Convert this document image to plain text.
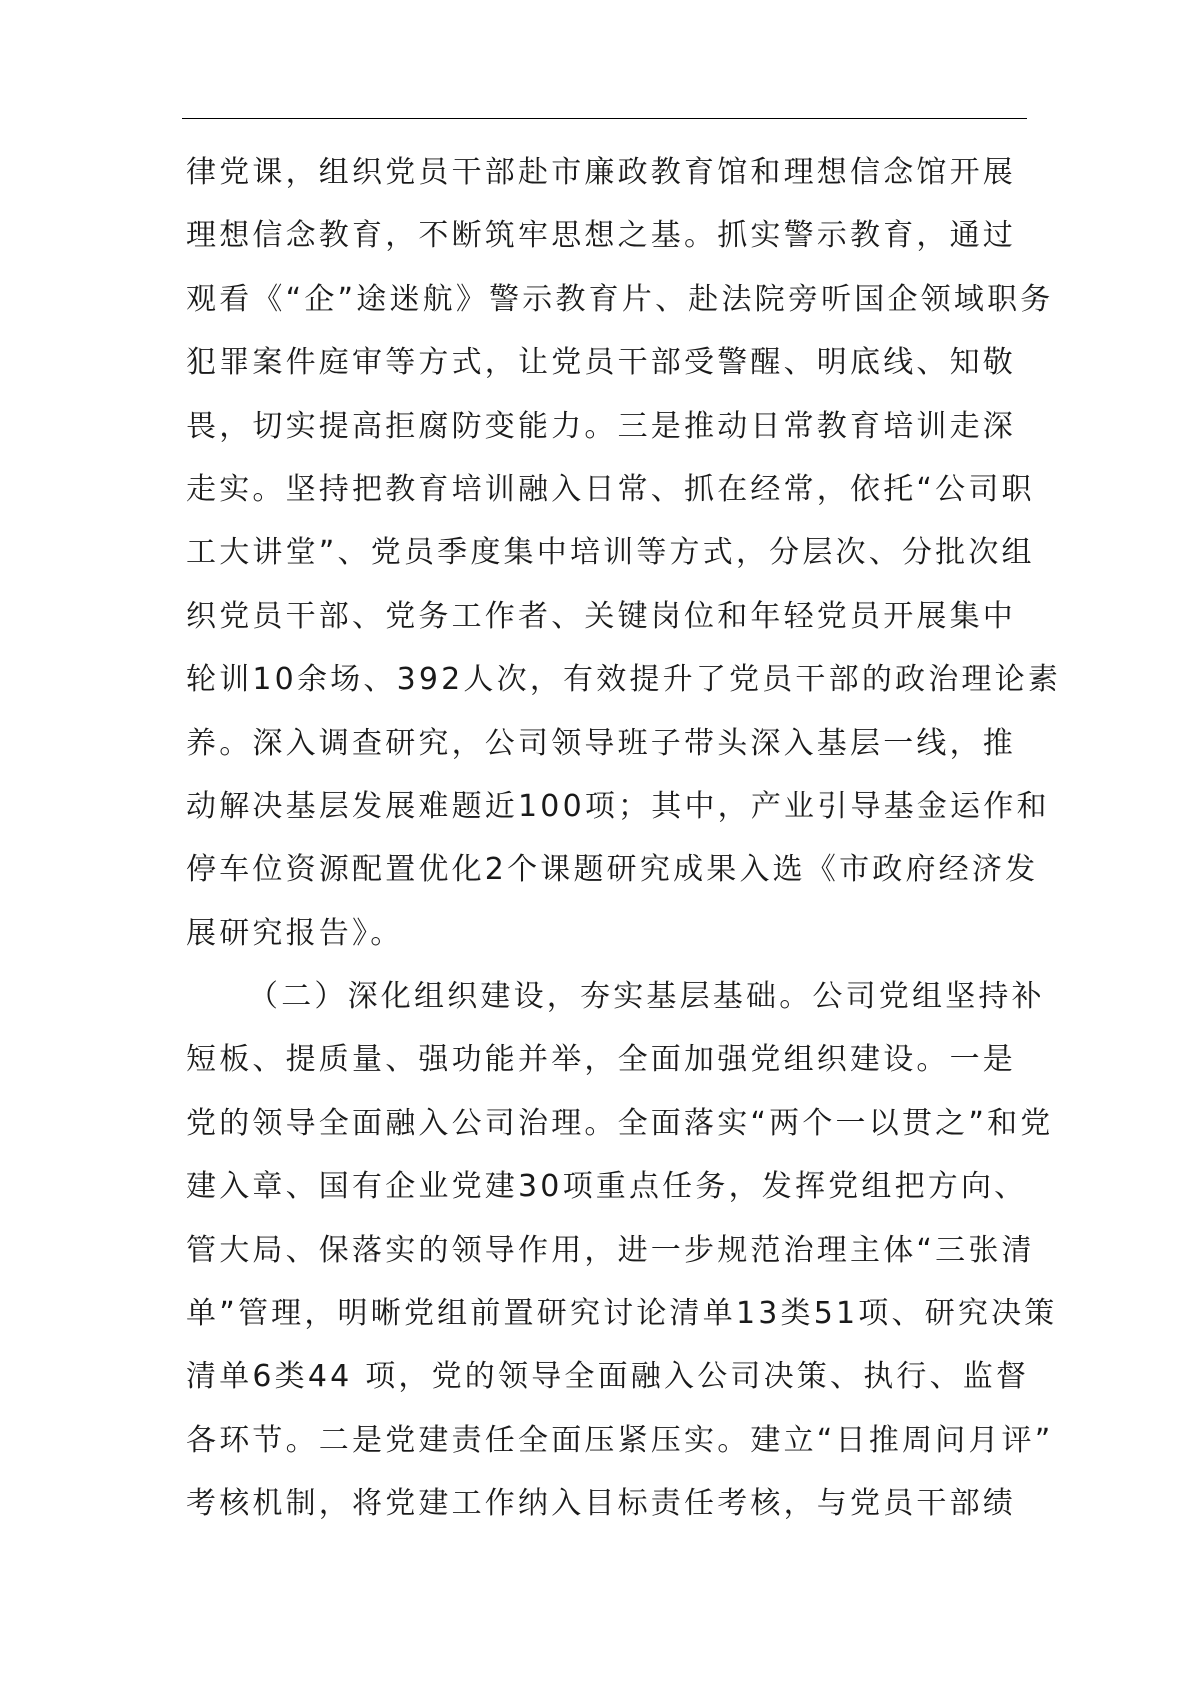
律党课，组织党员干部赴市廉政教育馆和理想信念馆开展
理想信念教育，不断筑牢思想之基。抓实警示教育，通过
观看《“企”途迷航》警示教育片、赴法院旁听国企领域职务
犯罪案件庭审等方式，让党员干部受警醒、明底线、知敬
畏，切实提高拒腐防变能力。三是推动日常教育培训走深
走实。坚持把教育培训融入日常、抓在经常，依托“公司职
工大讲堂”、党员季度集中培训等方式，分层次、分批次组
织党员干部、党务工作者、关键岗位和年轻党员开展集中
轮训10余场、392人次，有效提升了党员干部的政治理论素
养。深入调查研究，公司领导班子带头深入基层一线，推
动解决基层发展难题近100项；其中，产业引导基金运作和
停车位资源配置优化2个课题研究成果入选《市政府经济发
展研究报告》。
（二）深化组织建设，夯实基层基础。公司党组坚持补
短板、提质量、强功能并举，全面加强党组织建设。一是
党的领导全面融入公司治理。全面落实“两个一以贯之”和党
建入章、国有企业党建30项重点任务，发挥党组把方向、
管大局、保落实的领导作用，进一步规范治理主体“三张清
单”管理，明晰党组前置研究讨论清单13类51项、研究决策
清单6类44 项，党的领导全面融入公司决策、执行、监督
各环节。二是党建责任全面压紧压实。建立“日推周问月评”
考核机制，将党建工作纳入目标责任考核，与党员干部绩
